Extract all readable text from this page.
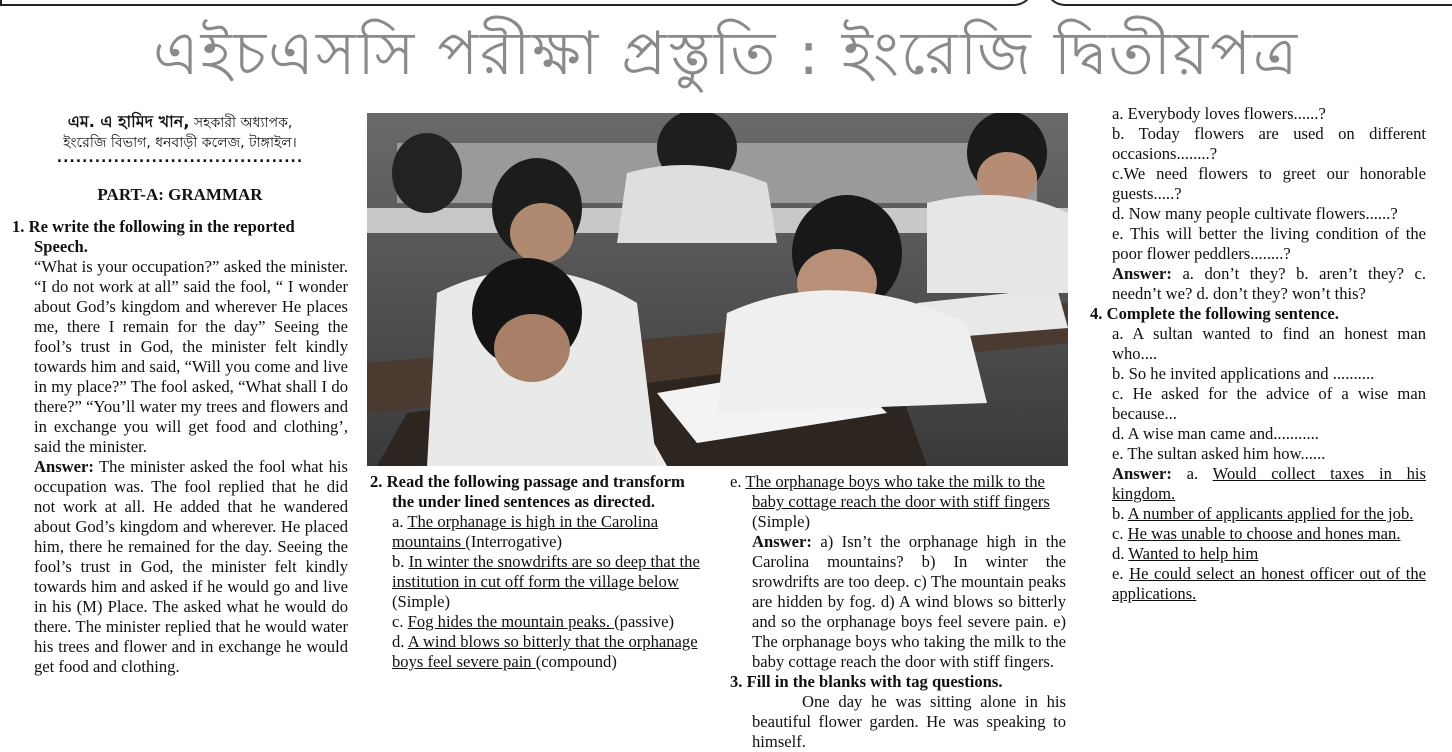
এইচএসসি পরীক্ষা প্রস্তুতি : ইংরেজি দ্বিতীয়পত্র
এম. এ হামিদ খান, সহকারী অধ্যাপক,
ইংরেজি বিভাগ, ধনবাড়ী কলেজ, টাঙ্গাইল।
.......................................

PART-A: GRAMMAR

1. Re write the following in the reported Speech.

“What is your occupation?” asked the minister. “I do not work at all” said the fool, “ I wonder about God’s kingdom and wherever He places me, there I remain for the day” Seeing the fool’s trust in God, the minister felt kindly towards him and said, “Will you come and live in my place?” The fool asked, “What shall I do there?” “You’ll water my trees and flowers and in exchange you will get food and clothing’, said the minister.

Answer: The minister asked the fool what his occupation was. The fool replied that he did not work at all. He added that he wandered about God’s kingdom and wherever. He placed him, there he remained for the day. Seeing the fool’s trust in God, the minister felt kindly towards him and asked if he would go and live in his (M) Place. The asked what he would do there. The minister replied that he would water his trees and flower and in exchange he would get food and clothing.

2. Read the following passage and transform the under lined sentences as directed.

a. The orphanage is high in the Carolina mountains (Interrogative)

b. In winter the snowdrifts are so deep that the institution in cut off form the village below (Simple)

c. Fog hides the mountain peaks. (passive)

d. A wind blows so bitterly that the orphanage boys feel severe pain (compound)

e. The orphanage boys who take the milk to the baby cottage reach the door with stiff fingers (Simple)

Answer: a) Isn’t the orphanage high in the Carolina mountains? b) In winter the srowdrifts are too deep. c) The mountain peaks are hidden by fog. d) A wind blows so bitterly and so the orphanage boys feel severe pain. e) The orphanage boys who taking the milk to the baby cottage reach the door with stiff fingers.

3. Fill in the blanks with tag questions.

One day he was sitting alone in his beautiful flower garden. He was speaking to himself.

a. Everybody loves flowers......?

b. Today flowers are used on different occasions........?

c.We need flowers to greet our honorable guests.....?

d. Now many people cultivate flowers......?

e. This will better the living condition of the poor flower peddlers........?

Answer: a. don’t they? b. aren’t they? c. needn’t we? d. don’t they? won’t this?

4. Complete the following sentence.

a. A sultan wanted to find an honest man who....

b. So he invited applications and ..........

c. He asked for the advice of a wise man because...

d. A wise man came and...........

e. The sultan asked him how......

Answer: a. Would collect taxes in his kingdom.

b. A number of applicants applied for the job.

c. He was unable to choose and hones man.

d. Wanted to help him

e. He could select an honest officer out of the applications.
